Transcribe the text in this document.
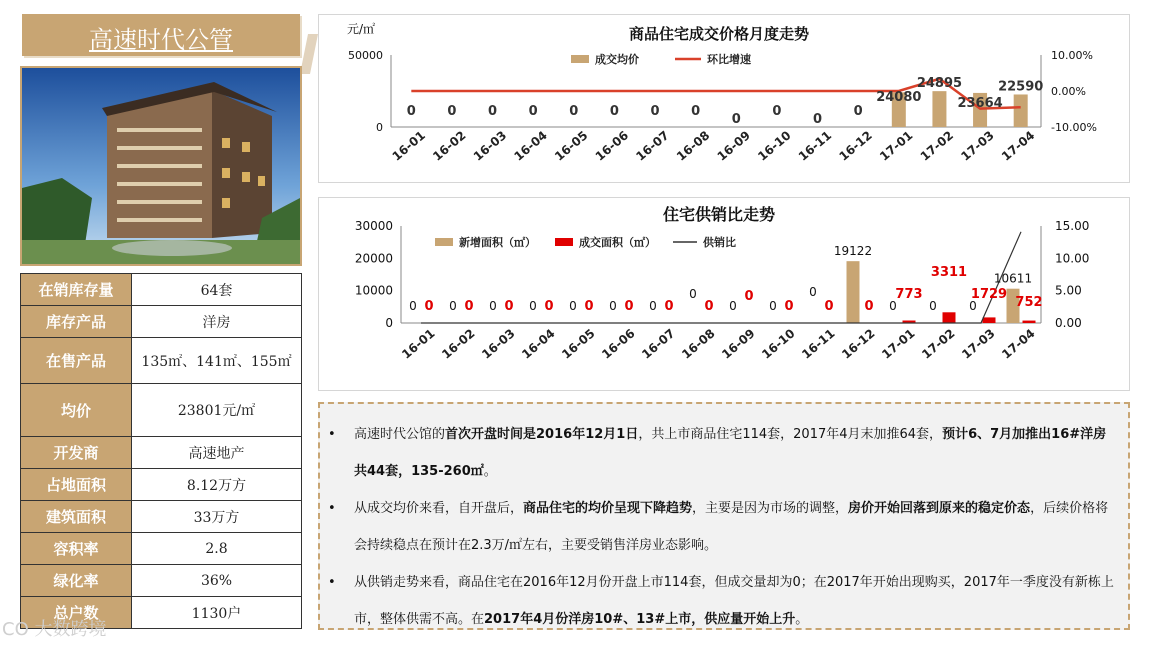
高速时代公管
在销库存量	64套
库存产品	洋房
在售产品	135㎡、141㎡、155㎡
均价	23801元/㎡
开发商	高速地产
占地面积	8.12万方
建筑面积	33万方
容积率	2.8
绿化率	36%
总户数	1130户
商品住宅成交价格月度走势
元/㎡
成交均价	环比增速
50000
0
10.00%
0.00%
-10.00%
0 0 0 0 0 0 0 0
0
0
0
0
24080
24895
23664
22590
16-01 16-02 16-03 16-04 16-05 16-06 16-07 16-08 16-09 16-10 16-11 16-12 17-01 17-02 17-03 17-04
住宅供销比走势
新增面积（㎡）	成交面积（㎡）	供销比
30000
20000
10000
0
15.00
10.00
5.00
0.00
0	0	0	0	0	0	0
0
0	0
0
19122
0	0	0
10611
0 0 0 0 0 0 0 0
0
0 0 0
773
3311
1729
752
16-01 16-02 16-03 16-04 16-05 16-06 16-07 16-08 16-09 16-10 16-11 16-12 17-01 17-02 17-03 17-04
• 高速时代公馆的首次开盘时间是2016年12月1日，共上市商品住宅114套，2017年4月末加推64套，预计6、7月加推出16#洋房共44套，135-260㎡。
• 从成交均价来看，自开盘后，商品住宅的均价呈现下降趋势，主要是因为市场的调整，房价开始回落到原来的稳定价态，后续价格将会持续稳点在预计在2.3万/㎡左右，主要受销售洋房业态影响。
• 从供销走势来看，商品住宅在2016年12月份开盘上市114套，但成交量却为0；在2017年开始出现购买，2017年一季度没有新栋上市，整体供需不高。在2017年4月份洋房10#、13#上市，供应量开始上升。
CO 大数跨境
